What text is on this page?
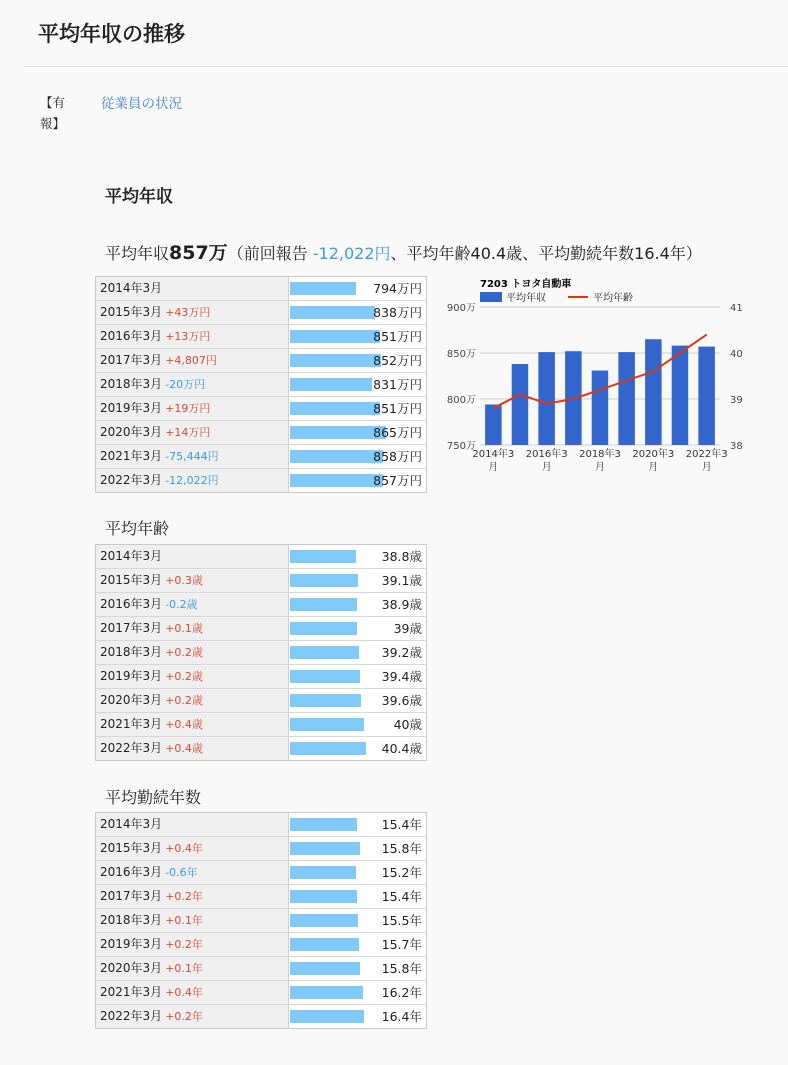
平均年収の推移
【有報】
従業員の状況
平均年収
平均年収857万（前回報告 -12,022円、平均年齢40.4歳、平均勤続年数16.4年）
2014年3月	794万円
2015年3月 +43万円	838万円
2016年3月 +13万円	851万円
2017年3月 +4,807円	852万円
2018年3月 -20万円	831万円
2019年3月 +19万円	851万円
2020年3月 +14万円	865万円
2021年3月 -75,444円	858万円
2022年3月 -12,022円	857万円
7203 トヨタ自動車
平均年収	平均年齢
750万
800万
850万
900万
38
39
40
41
2014年3 月
2016年3 月
2018年3 月
2020年3 月
2022年3 月
平均年齢
2014年3月	38.8歳
2015年3月 +0.3歳	39.1歳
2016年3月 -0.2歳	38.9歳
2017年3月 +0.1歳	39歳
2018年3月 +0.2歳	39.2歳
2019年3月 +0.2歳	39.4歳
2020年3月 +0.2歳	39.6歳
2021年3月 +0.4歳	40歳
2022年3月 +0.4歳	40.4歳
平均勤続年数
2014年3月	15.4年
2015年3月 +0.4年	15.8年
2016年3月 -0.6年	15.2年
2017年3月 +0.2年	15.4年
2018年3月 +0.1年	15.5年
2019年3月 +0.2年	15.7年
2020年3月 +0.1年	15.8年
2021年3月 +0.4年	16.2年
2022年3月 +0.2年	16.4年
